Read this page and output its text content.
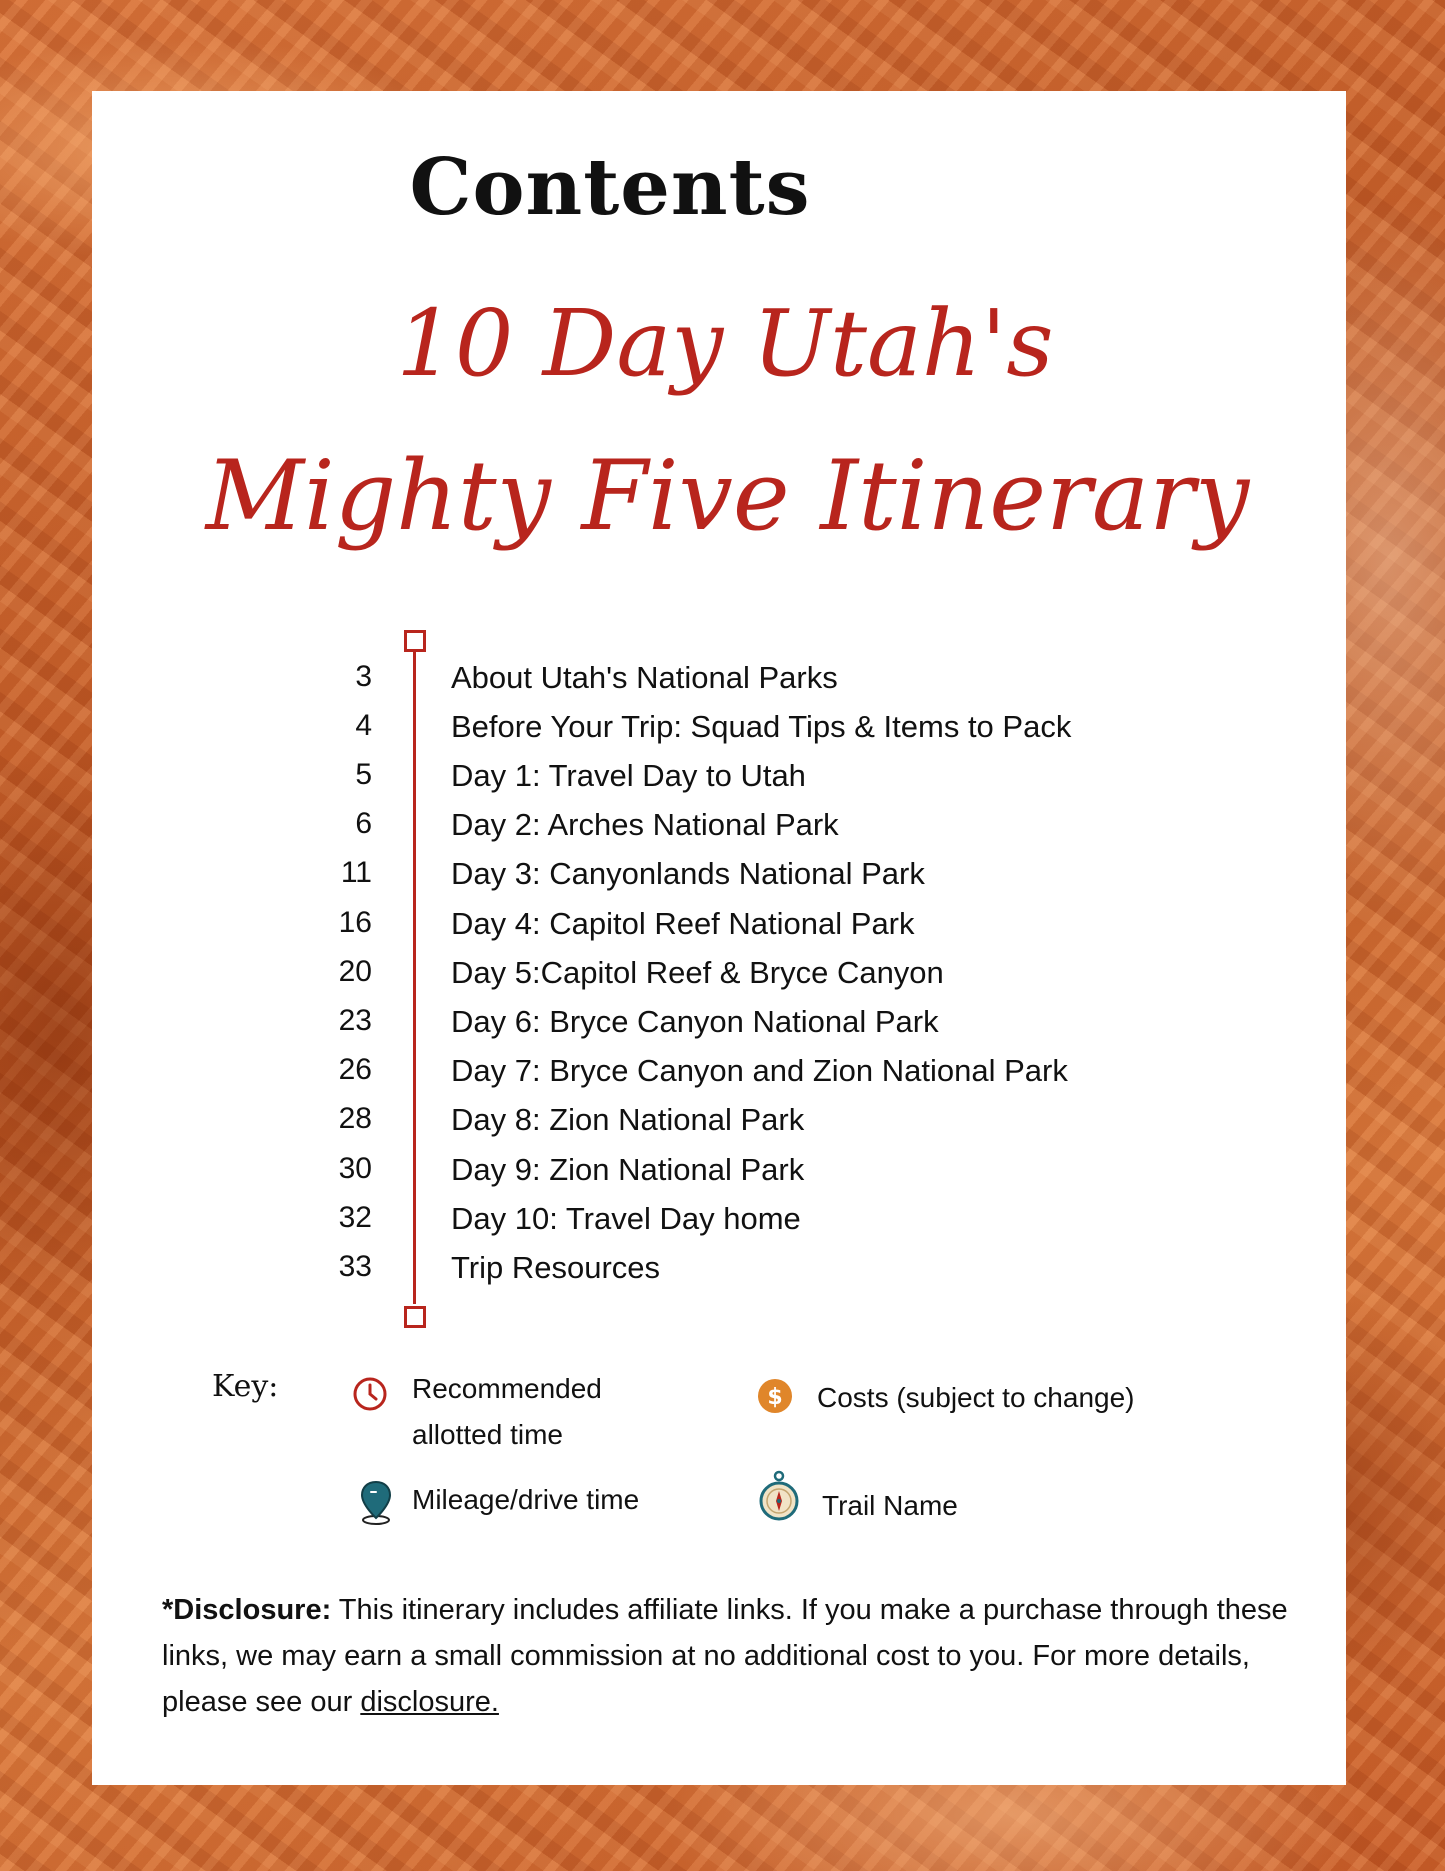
Contents
10 Day Utah's
Mighty Five Itinerary
3	About Utah's National Parks
4	Before Your Trip: Squad Tips & Items to Pack
5	Day 1: Travel Day to Utah
6	Day 2: Arches National Park
11	Day 3: Canyonlands National Park
16	Day 4: Capitol Reef National Park
20	Day 5:Capitol Reef & Bryce Canyon
23	Day 6: Bryce Canyon National Park
26	Day 7: Bryce Canyon and Zion National Park
28	Day 8: Zion National Park
30	Day 9: Zion National Park
32	Day 10: Travel Day home
33	Trip Resources
Key:	Recommended
allotted time
$ Costs (subject to change)
Mileage/drive time	Trail Name

*Disclosure: This itinerary includes affiliate links. If you make a purchase through these links, we may earn a small commission at no additional cost to you. For more details, please see our disclosure.
